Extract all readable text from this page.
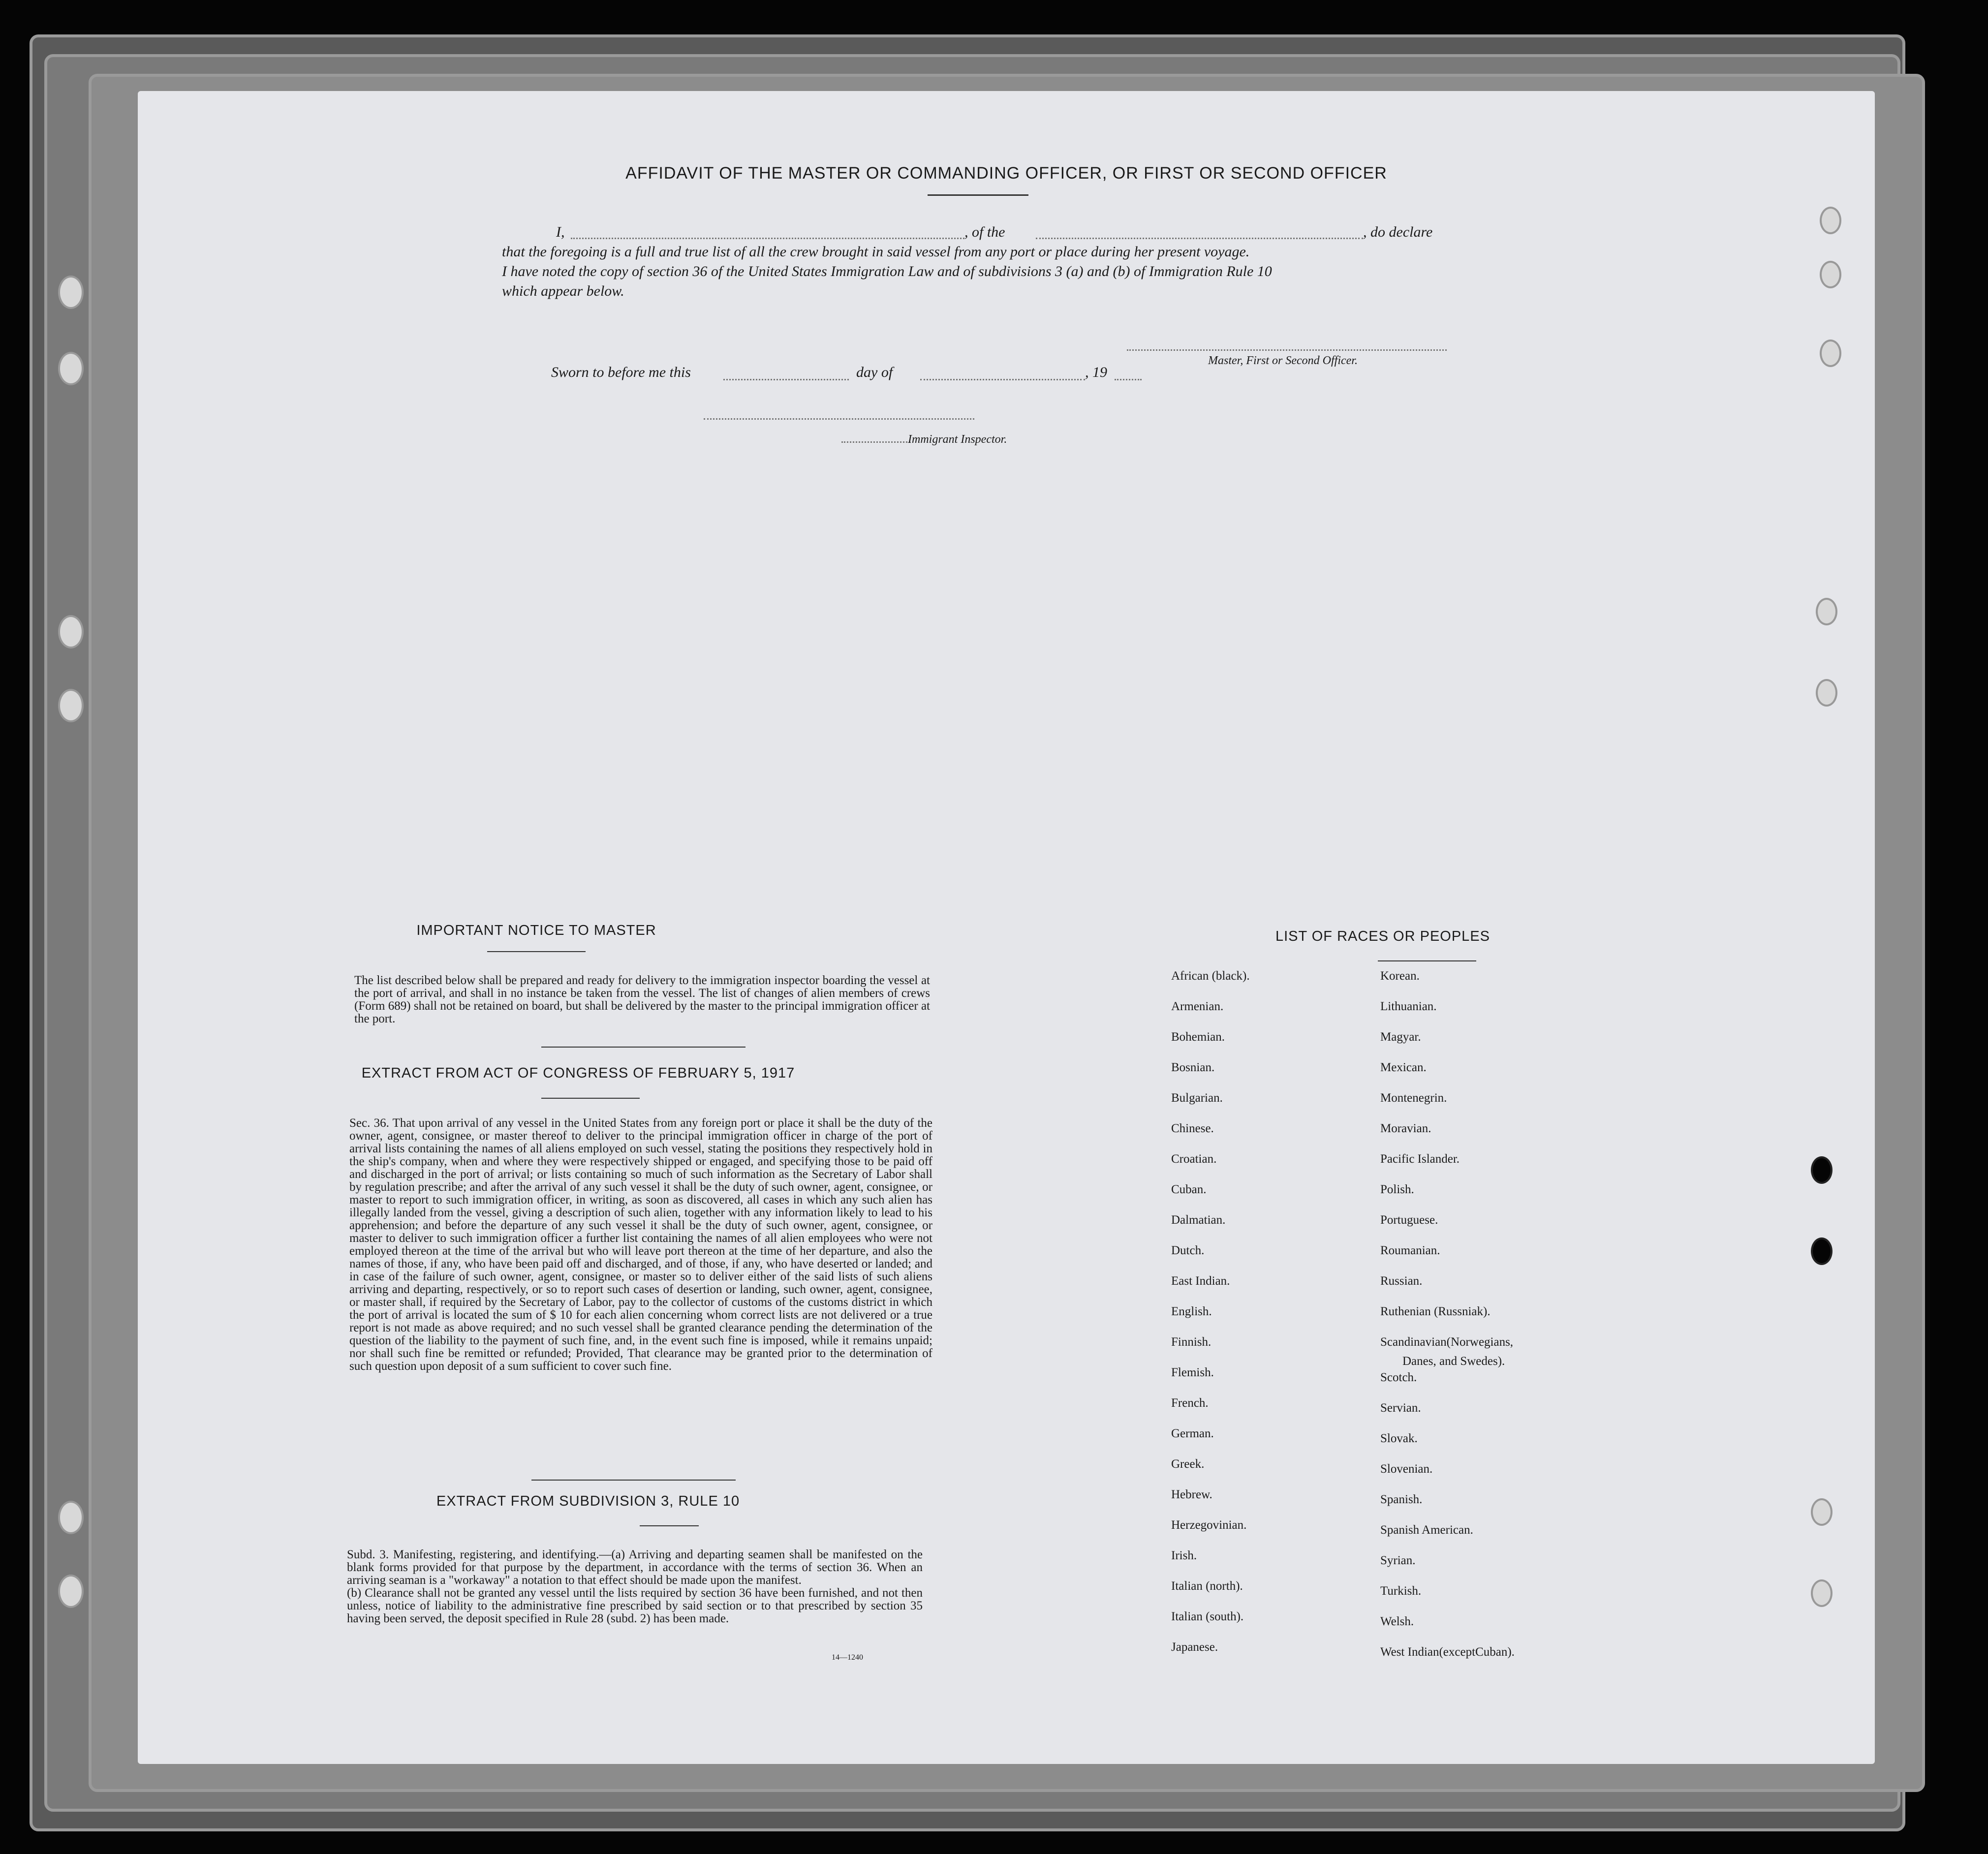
AFFIDAVIT OF THE MASTER OR COMMANDING OFFICER, OR FIRST OR SECOND OFFICER
I,	, of the	, do declare
that the foregoing is a full and true list of all the crew brought in said vessel from any port or place during her present voyage.
I have noted the copy of section 36 of the United States Immigration Law and of subdivisions 3 (a) and (b) of Immigration Rule 10
which appear below.
Master, First or Second Officer.
Sworn to before me this	day of	, 19
Immigrant Inspector.
IMPORTANT NOTICE TO MASTER

The list described below shall be prepared and ready for delivery to the immigration inspector boarding the vessel at the port of arrival, and shall in no instance be taken from the vessel. The list of changes of alien members of crews (Form 689) shall not be retained on board, but shall be delivered by the master to the principal immigration officer at the port.

EXTRACT FROM ACT OF CONGRESS OF FEBRUARY 5, 1917

Sec. 36. That upon arrival of any vessel in the United States from any foreign port or place it shall be the duty of the owner, agent, consignee, or master thereof to deliver to the principal immigration officer in charge of the port of arrival lists containing the names of all aliens employed on such vessel, stating the positions they respectively hold in the ship's company, when and where they were respectively shipped or engaged, and specifying those to be paid off and discharged in the port of arrival; or lists containing so much of such information as the Secretary of Labor shall by regulation prescribe; and after the arrival of any such vessel it shall be the duty of such owner, agent, consignee, or master to report to such immigration officer, in writing, as soon as discovered, all cases in which any such alien has illegally landed from the vessel, giving a description of such alien, together with any information likely to lead to his apprehension; and before the departure of any such vessel it shall be the duty of such owner, agent, consignee, or master to deliver to such immigration officer a further list containing the names of all alien employees who were not employed thereon at the time of the arrival but who will leave port thereon at the time of her departure, and also the names of those, if any, who have been paid off and discharged, and of those, if any, who have deserted or landed; and in case of the failure of such owner, agent, consignee, or master so to deliver either of the said lists of such aliens arriving and departing, respectively, or so to report such cases of desertion or landing, such owner, agent, consignee, or master shall, if required by the Secretary of Labor, pay to the collector of customs of the customs district in which the port of arrival is located the sum of $ 10 for each alien concerning whom correct lists are not delivered or a true report is not made as above required; and no such vessel shall be granted clearance pending the determination of the question of the liability to the payment of such fine, and, in the event such fine is imposed, while it remains unpaid; nor shall such fine be remitted or refunded; Provided, That clearance may be granted prior to the determination of such question upon deposit of a sum sufficient to cover such fine.

EXTRACT FROM SUBDIVISION 3, RULE 10

Subd. 3. Manifesting, registering, and identifying.—(a) Arriving and departing seamen shall be manifested on the blank forms provided for that purpose by the department, in accordance with the terms of section 36. When an arriving seaman is a "workaway" a notation to that effect should be made upon the manifest.

(b) Clearance shall not be granted any vessel until the lists required by section 36 have been furnished, and not then unless, notice of liability to the administrative fine prescribed by said section or to that prescribed by section 35 having been served, the deposit specified in Rule 28 (subd. 2) has been made.

14—1240
LIST OF RACES OR PEOPLES
African (black).
Armenian.
Bohemian.
Bosnian.
Bulgarian.
Chinese.
Croatian.
Cuban.
Dalmatian.
Dutch.
East Indian.
English.
Finnish.
Flemish.
French.
German.
Greek.
Hebrew.
Herzegovinian.
Irish.
Italian (north).
Italian (south).
Japanese.
Korean.
Lithuanian.
Magyar.
Mexican.
Montenegrin.
Moravian.
Pacific Islander.
Polish.
Portuguese.
Roumanian.
Russian.
Ruthenian (Russniak).
Scandinavian(Norwegians,
Scotch.
Servian.
Slovak.
Slovenian.
Spanish.
Spanish American.
Syrian.
Turkish.
Welsh.
West Indian(exceptCuban).
Danes, and Swedes).
